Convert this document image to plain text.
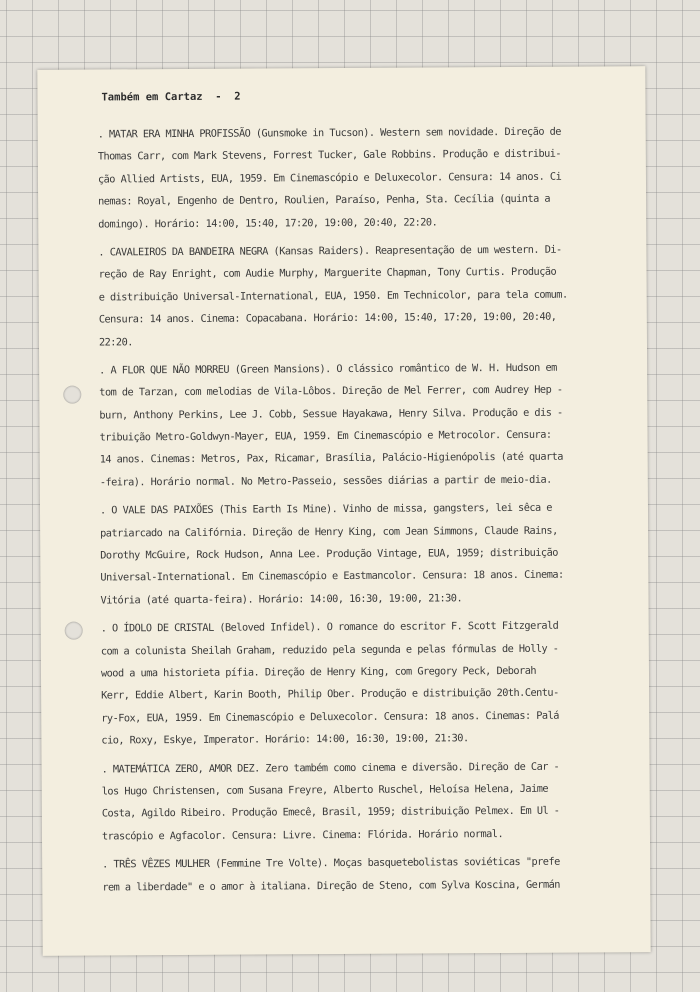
Também em Cartaz  -  2
. MATAR ERA MINHA PROFISSÃO (Gunsmoke in Tucson). Western sem novidade. Direção de
Thomas Carr, com Mark Stevens, Forrest Tucker, Gale Robbins. Produção e distribui-
ção Allied Artists, EUA, 1959. Em Cinemascópio e Deluxecolor. Censura: 14 anos. Ci
nemas: Royal, Engenho de Dentro, Roulien, Paraíso, Penha, Sta. Cecília (quinta a
domingo). Horário: 14:00, 15:40, 17:20, 19:00, 20:40, 22:20.
. CAVALEIROS DA BANDEIRA NEGRA (Kansas Raiders). Reapresentação de um western. Di-
reção de Ray Enright, com Audie Murphy, Marguerite Chapman, Tony Curtis. Produção
e distribuição Universal-International, EUA, 1950. Em Technicolor, para tela comum.
Censura: 14 anos. Cinema: Copacabana. Horário: 14:00, 15:40, 17:20, 19:00, 20:40,
22:20.
. A FLOR QUE NÃO MORREU (Green Mansions). O clássico romântico de W. H. Hudson em
tom de Tarzan, com melodias de Vila-Lôbos. Direção de Mel Ferrer, com Audrey Hep -
burn, Anthony Perkins, Lee J. Cobb, Sessue Hayakawa, Henry Silva. Produção e dis -
tribuição Metro-Goldwyn-Mayer, EUA, 1959. Em Cinemascópio e Metrocolor. Censura:
14 anos. Cinemas: Metros, Pax, Ricamar, Brasília, Palácio-Higienópolis (até quarta
-feira). Horário normal. No Metro-Passeio, sessões diárias a partir de meio-dia.
. O VALE DAS PAIXÕES (This Earth Is Mine). Vinho de missa, gangsters, lei sêca e
patriarcado na Califórnia. Direção de Henry King, com Jean Simmons, Claude Rains,
Dorothy McGuire, Rock Hudson, Anna Lee. Produção Vintage, EUA, 1959; distribuição
Universal-International. Em Cinemascópio e Eastmancolor. Censura: 18 anos. Cinema:
Vitória (até quarta-feira). Horário: 14:00, 16:30, 19:00, 21:30.
. O ÍDOLO DE CRISTAL (Beloved Infidel). O romance do escritor F. Scott Fitzgerald
com a colunista Sheilah Graham, reduzido pela segunda e pelas fórmulas de Holly -
wood a uma historieta pífia. Direção de Henry King, com Gregory Peck, Deborah
Kerr, Eddie Albert, Karin Booth, Philip Ober. Produção e distribuição 20th.Centu-
ry-Fox, EUA, 1959. Em Cinemascópio e Deluxecolor. Censura: 18 anos. Cinemas: Palá
cio, Roxy, Eskye, Imperator. Horário: 14:00, 16:30, 19:00, 21:30.
. MATEMÁTICA ZERO, AMOR DEZ. Zero também como cinema e diversão. Direção de Car -
los Hugo Christensen, com Susana Freyre, Alberto Ruschel, Heloísa Helena, Jaime
Costa, Agildo Ribeiro. Produção Emecê, Brasil, 1959; distribuição Pelmex. Em Ul -
trascópio e Agfacolor. Censura: Livre. Cinema: Flórida. Horário normal.
. TRÊS VÊZES MULHER (Femmine Tre Volte). Moças basquetebolistas soviéticas "prefe
rem a liberdade" e o amor à italiana. Direção de Steno, com Sylva Koscina, Germán
